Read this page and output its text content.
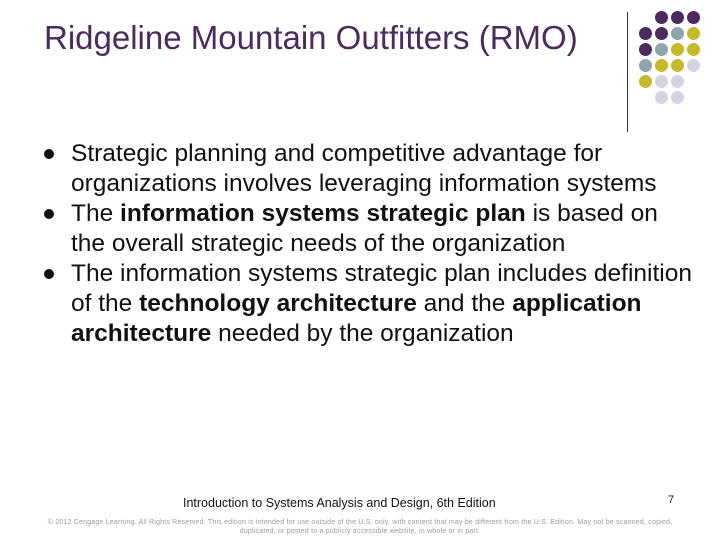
Ridgeline Mountain Outfitters (RMO)
Strategic planning and competitive advantage for organizations involves leveraging information systems
The information systems strategic plan is based on the overall strategic needs of the organization
The information systems strategic plan includes definition of the technology architecture and the application architecture needed by the organization
Introduction to Systems Analysis and Design, 6th Edition	7
© 2012 Cengage Learning. All Rights Reserved. This edition is intended for use outside of the U.S. only, with content that may be different from the U.S. Edition. May not be scanned, copied, duplicated, or posted to a publicly accessible website, in whole or in part.
